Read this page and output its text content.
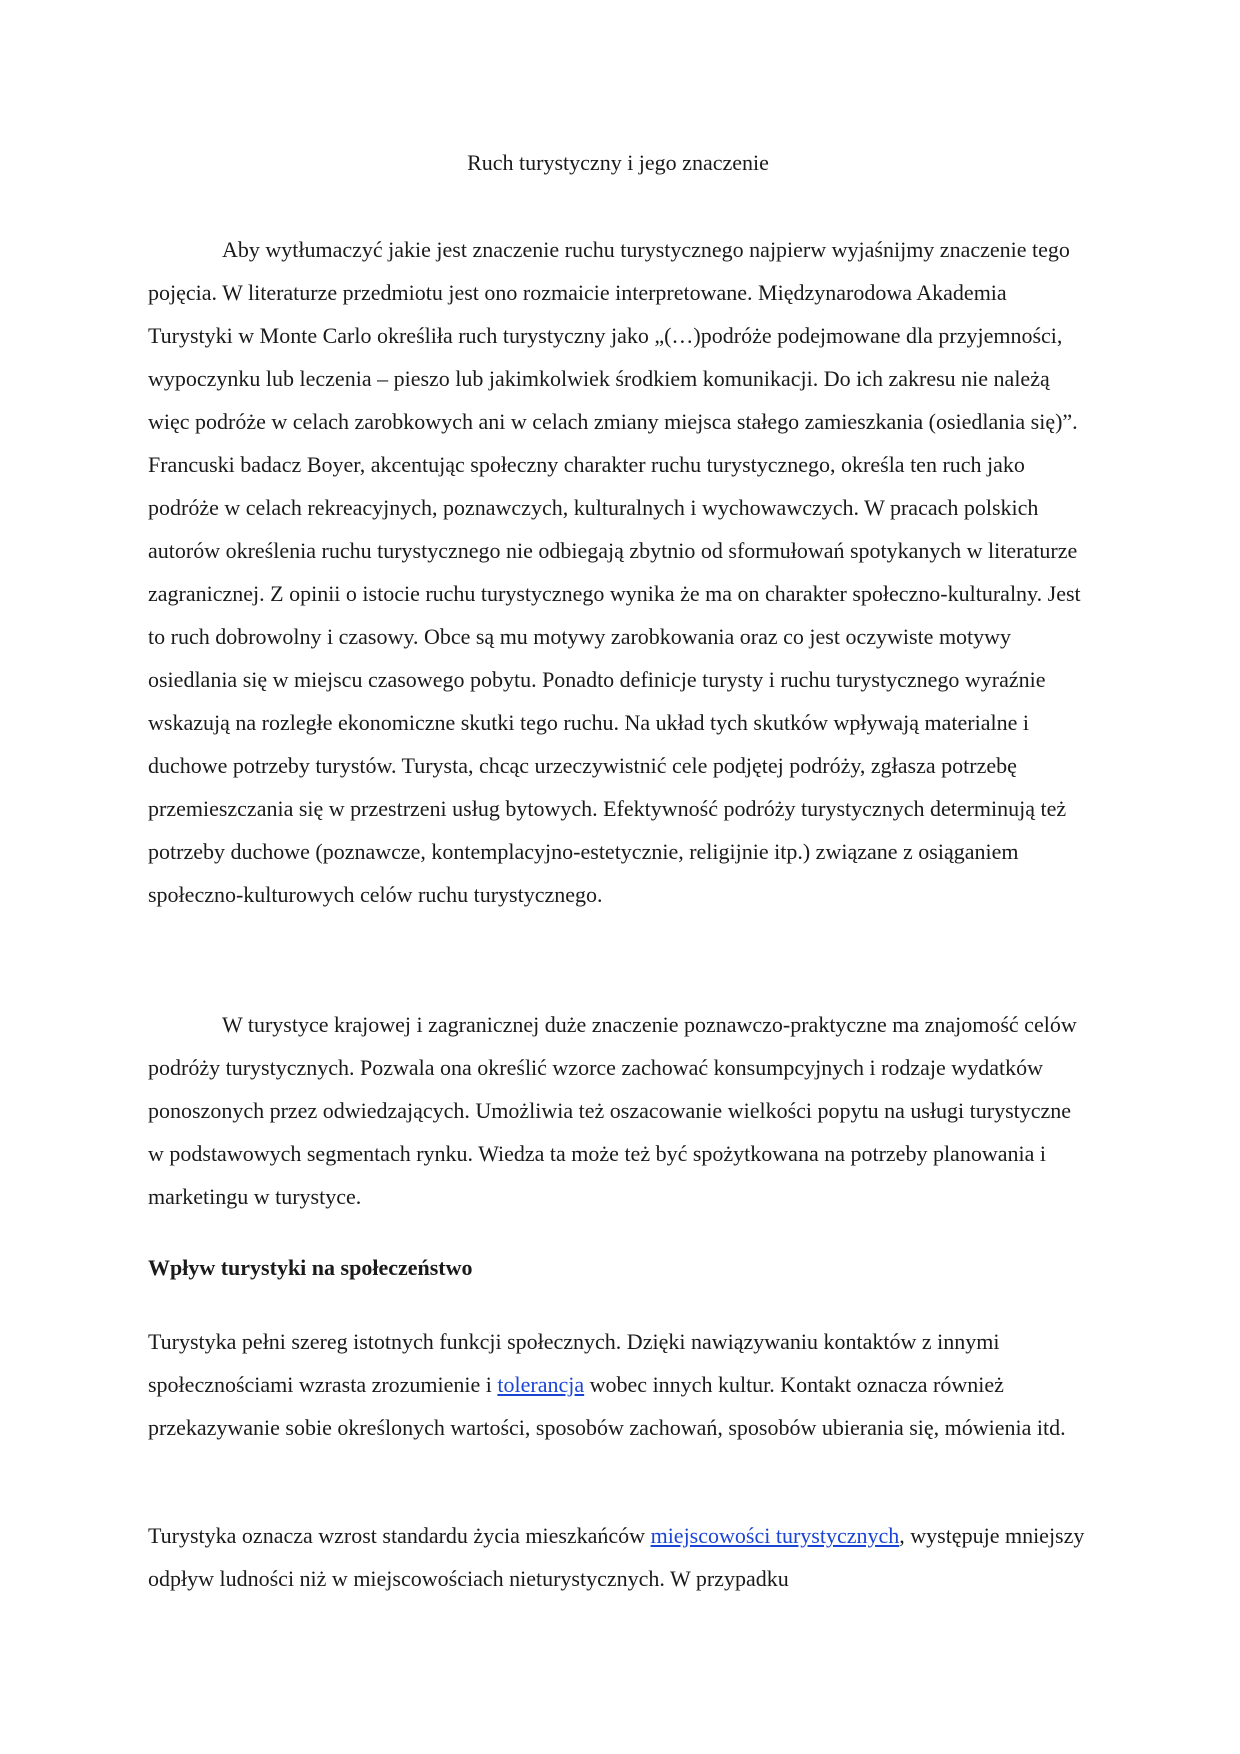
Ruch turystyczny i jego znaczenie

Aby wytłumaczyć jakie jest znaczenie ruchu turystycznego najpierw wyjaśnijmy znaczenie tego pojęcia. W literaturze przedmiotu jest ono rozmaicie interpretowane. Międzynarodowa Akademia Turystyki w Monte Carlo określiła ruch turystyczny jako „(…)podróże podejmowane dla przyjemności, wypoczynku lub leczenia – pieszo lub jakimkolwiek środkiem komunikacji. Do ich zakresu nie należą więc podróże w celach zarobkowych ani w celach zmiany miejsca stałego zamieszkania (osiedlania się)”. Francuski badacz Boyer, akcentując społeczny charakter ruchu turystycznego, określa ten ruch jako podróże w celach rekreacyjnych, poznawczych, kulturalnych i wychowawczych. W pracach polskich autorów określenia ruchu turystycznego nie odbiegają zbytnio od sformułowań spotykanych w literaturze zagranicznej. Z opinii o istocie ruchu turystycznego wynika że ma on charakter społeczno-kulturalny. Jest to ruch dobrowolny i czasowy. Obce są mu motywy zarobkowania oraz co jest oczywiste motywy osiedlania się w miejscu czasowego pobytu. Ponadto definicje turysty i ruchu turystycznego wyraźnie wskazują na rozległe ekonomiczne skutki tego ruchu. Na układ tych skutków wpływają materialne i duchowe potrzeby turystów. Turysta, chcąc urzeczywistnić cele podjętej podróży, zgłasza potrzebę przemieszczania się w przestrzeni usług bytowych. Efektywność podróży turystycznych determinują też potrzeby duchowe (poznawcze, kontemplacyjno-estetycznie, religijnie itp.) związane z osiąganiem społeczno-kulturowych celów ruchu turystycznego.

W turystyce krajowej i zagranicznej duże znaczenie poznawczo-praktyczne ma znajomość celów podróży turystycznych. Pozwala ona określić wzorce zachować konsumpcyjnych i rodzaje wydatków ponoszonych przez odwiedzających. Umożliwia też oszacowanie wielkości popytu na usługi turystyczne w podstawowych segmentach rynku. Wiedza ta może też być spożytkowana na potrzeby planowania i marketingu w turystyce.

Wpływ turystyki na społeczeństwo

Turystyka pełni szereg istotnych funkcji społecznych. Dzięki nawiązywaniu kontaktów z innymi społecznościami wzrasta zrozumienie i tolerancja wobec innych kultur. Kontakt oznacza również przekazywanie sobie określonych wartości, sposobów zachowań, sposobów ubierania się, mówienia itd.

Turystyka oznacza wzrost standardu życia mieszkańców miejscowości turystycznych, występuje mniejszy odpływ ludności niż w miejscowościach nieturystycznych. W przypadku
